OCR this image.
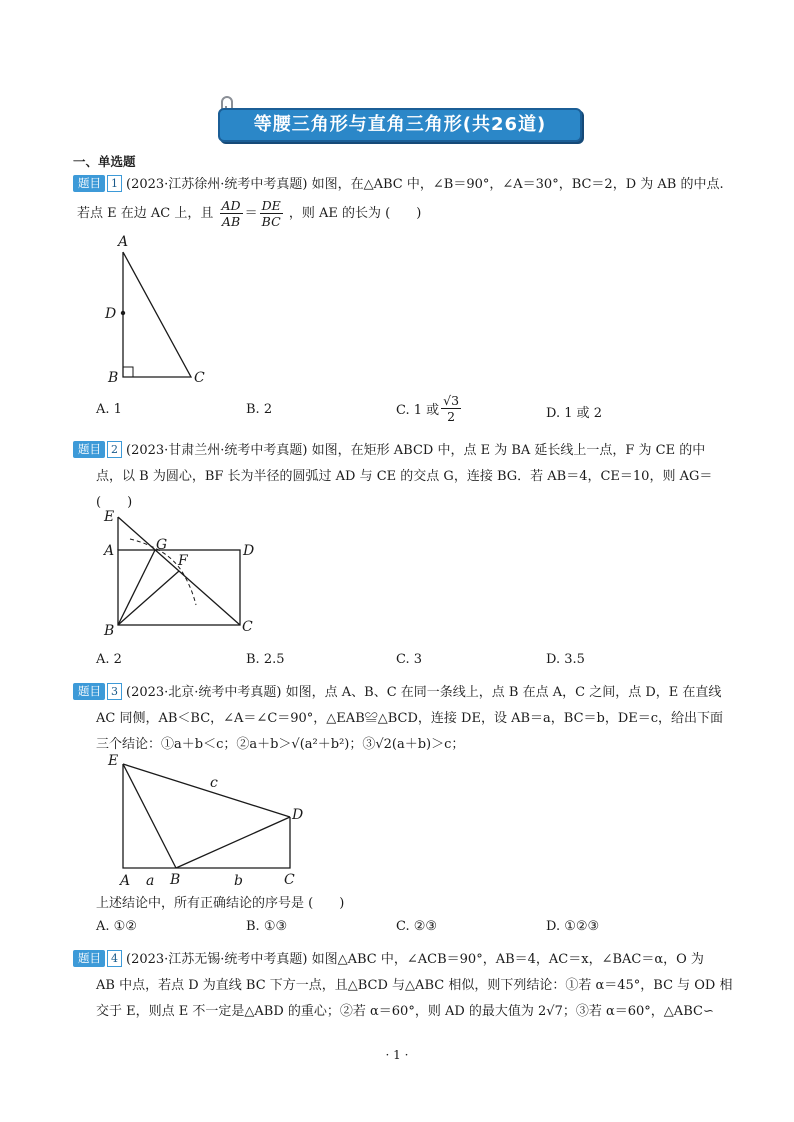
等腰三角形与直角三角形(共26道)
一、单选题
题目 1 (2023·江苏徐州·统考中考真题) 如图，在△ABC 中，∠B＝90°，∠A＝30°，BC＝2，D 为 AB 的中点.
若点 E 在边 AC 上，且 $\frac{AD}{AB} = \frac{DE}{BC}$ ，则 AE 的长为 (　　)
A
D
B	C
A. 1	B. 2	C. 1 或 $\frac{√3}{2}$	D. 1 或 2
题目 2 (2023·甘肃兰州·统考中考真题) 如图，在矩形 ABCD 中，点 E 为 BA 延长线上一点，F 为 CE 的中
点，以 B 为圆心，BF 长为半径的圆弧过 AD 与 CE 的交点 G，连接 BG．若 AB＝4，CE＝10，则 AG＝
(　　)
E
A	G	D
F
B	C
A. 2	B. 2.5	C. 3	D. 3.5
题目 3 (2023·北京·统考中考真题) 如图，点 A、B、C 在同一条线上，点 B 在点 A，C 之间，点 D，E 在直线
AC 同侧，AB＜BC，∠A＝∠C＝90°，△EAB≌△BCD，连接 DE，设 AB＝a，BC＝b，DE＝c，给出下面
三个结论：①a＋b＜c；②a＋b＞√(a²＋b²)；③√2(a＋b)＞c；
E
c
D
A a B	b	C
上述结论中，所有正确结论的序号是 (　　)
A. ①②	B. ①③	C. ②③	D. ①②③
题目 4 (2023·江苏无锡·统考中考真题) 如图△ABC 中，∠ACB＝90°，AB＝4，AC＝x，∠BAC＝α，O 为
AB 中点，若点 D 为直线 BC 下方一点，且△BCD 与△ABC 相似，则下列结论：①若 α＝45°，BC 与 OD 相
交于 E，则点 E 不一定是△ABD 的重心；②若 α＝60°，则 AD 的最大值为 2√7；③若 α＝60°，△ABC∽
· 1 ·
